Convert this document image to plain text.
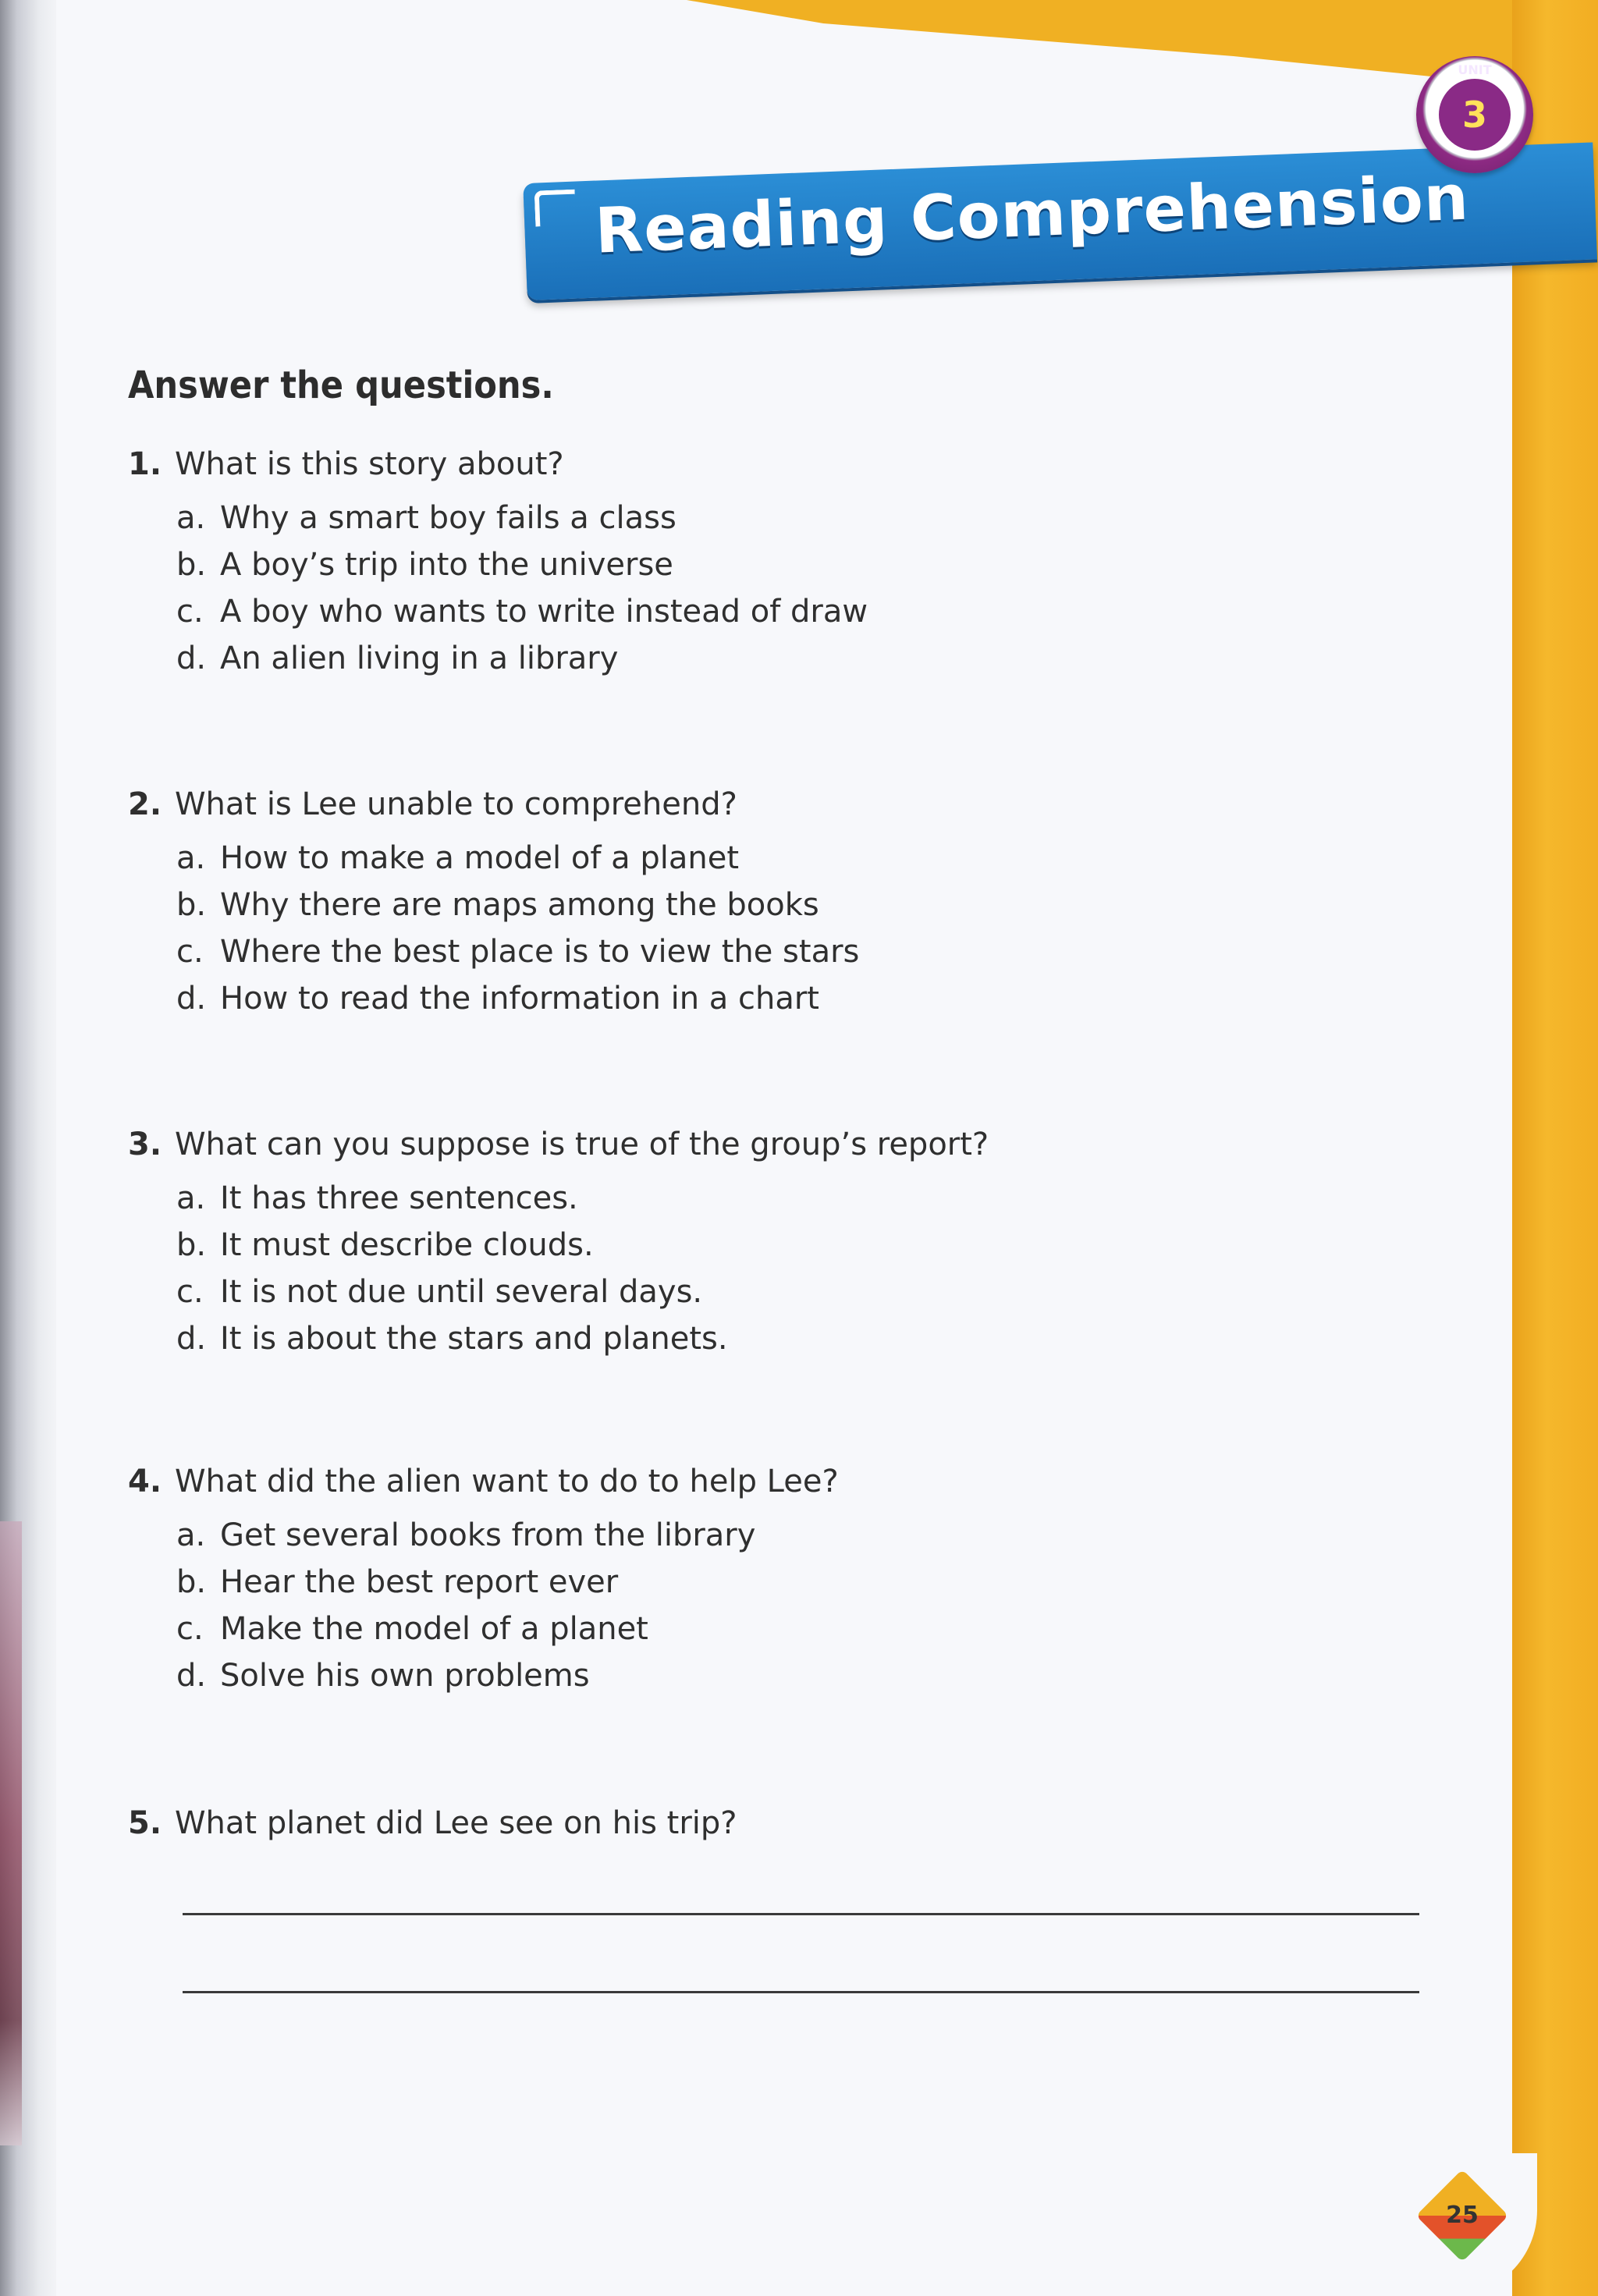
Reading Comprehension
UNIT
3
Answer the questions.
1. What is this story about?
a. Why a smart boy fails a class
b. A boy’s trip into the universe
c. A boy who wants to write instead of draw
d. An alien living in a library
2. What is Lee unable to comprehend?
a. How to make a model of a planet
b. Why there are maps among the books
c. Where the best place is to view the stars
d. How to read the information in a chart
3. What can you suppose is true of the group’s report?
a. It has three sentences.
b. It must describe clouds.
c. It is not due until several days.
d. It is about the stars and planets.
4. What did the alien want to do to help Lee?
a. Get several books from the library
b. Hear the best report ever
c. Make the model of a planet
d. Solve his own problems
5. What planet did Lee see on his trip?
25
